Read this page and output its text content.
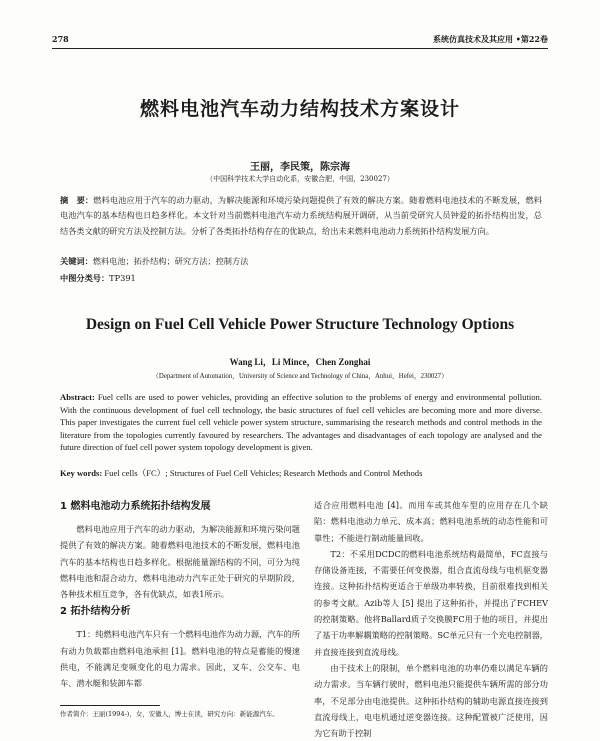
278	系统仿真技术及其应用 •第22卷
燃料电池汽车动力结构技术方案设计
王丽，李民策，陈宗海
（中国科学技术大学自动化系，安徽合肥，中国，230027）
摘　要：燃料电池应用于汽车的动力驱动，为解决能源和环境污染问题提供了有效的解决方案。随着燃料电池技术的不断发展，燃料电池汽车的基本结构也日趋多样化。本文针对当前燃料电池汽车动力系统结构展开调研，从当前受研究人员钟爱的拓扑结构出发，总结各类文献的研究方法及控制方法。分析了各类拓扑结构存在的优缺点，给出未来燃料电池动力系统拓扑结构发展方向。
关键词：燃料电池；拓扑结构；研究方法；控制方法
中图分类号：TP391
Design on Fuel Cell Vehicle Power Structure Technology Options
Wang Li，Li Mince，Chen Zonghai
（Department of Automation，University of Science and Technology of China，Anhui，Hefei，230027）
Abstract: Fuel cells are used to power vehicles, providing an effective solution to the problems of energy and environmental pollution. With the continuous development of fuel cell technology, the basic structures of fuel cell vehicles are becoming more and more diverse. This paper investigates the current fuel cell vehicle power system structure, summarising the research methods and control methods in the literature from the topologies currently favoured by researchers. The advantages and disadvantages of each topology are analysed and the future direction of fuel cell power system topology development is given.
Key words: Fuel cells（FC）; Structures of Fuel Cell Vehicles; Research Methods and Control Methods
1 燃料电池动力系统拓扑结构发展

燃料电池应用于汽车的动力驱动，为解决能源和环境污染问题提供了有效的解决方案。随着燃料电池技术的不断发展，燃料电池汽车的基本结构也日趋多样化。根据能量源结构的不同，可分为纯燃料电池和混合动力，燃料电池动力汽车正处于研究的早期阶段，各种技术相互竞争，各有优缺点，如表1所示。

2 拓扑结构分析

T1：纯燃料电池汽车只有一个燃料电池作为动力源，汽车的所有动力负载都由燃料电池承担 [1]。燃料电池的特点是蓄能的慢速供电，不能满足变频变化的电力需求。因此，叉车、公交车、电车、潜水艇和装卸车都

适合应用燃料电池 [4]。而用车或其他车型的应用存在几个缺陷：燃料电池动力单元、成本高；燃料电池系统的动态性能和可靠性；不能进行制动能量回收。

T2：不采用DCDC的燃料电池系统结构最简单，FC直接与存储设备连接，不需要任何变换器，组合直流母线与电机驱变器连接。这种拓扑结构更适合于单级功率转换，目前很难找到相关的参考文献。Azib等人 [5] 提出了这种拓扑，并提出了FCHEV的控制策略。他将Ballard质子交换膜FC用于他的项目，并提出了基于功率解耦策略的控制策略。SC单元只有一个充电控制器，并直接连接到直流母线。

由于技术上的限制，单个燃料电池的功率仍难以满足车辆的动力需求。当车辆行驶时，燃料电池只能提供车辆所需的部分功率，不足部分由电池提供。这种拓扑结构的辅助电源直接连接到直流母线上，电电机通过逆变器连接。这种配置被广泛使用，因为它有助于控制

作者简介：王丽(1994-)，女，安徽人，博士在读，研究方向：新能源汽车。
